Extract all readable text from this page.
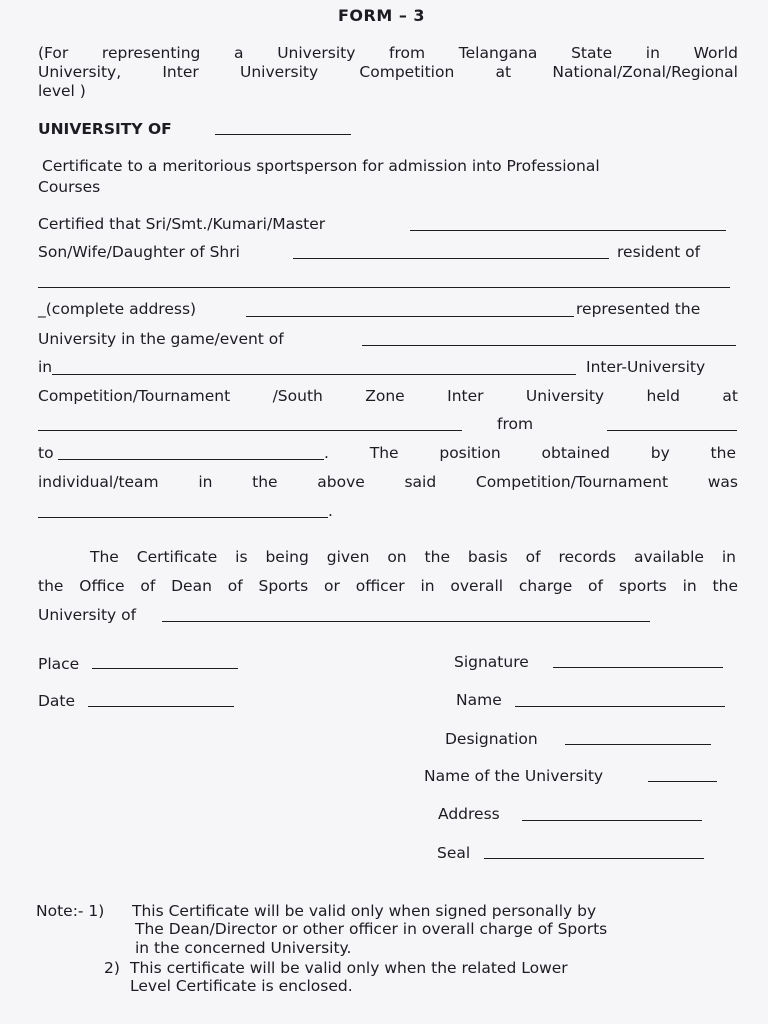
FORM – 3
(For representing a University from Telangana State in World
University, Inter University Competition at National/Zonal/Regional
level )
UNIVERSITY OF
Certificate to a meritorious sportsperson for admission into Professional
Courses
Certified that Sri/Smt./Kumari/Master
Son/Wife/Daughter of Shri	resident of
_(complete address)	represented the
University in the game/event of
in	Inter-University
Competition/Tournament /South Zone Inter University held at
from
to	. The position obtained by the
individual/team in the above said Competition/Tournament was
.
The Certificate is being given on the basis of records available in
the Office of Dean of Sports or officer in overall charge of sports in the
University of
Place
Date
Signature
Name
Designation
Name of the University
Address
Seal
Note:- 1) This Certificate will be valid only when signed personally by
The Dean/Director or other officer in overall charge of Sports
in the concerned University.
2) This certificate will be valid only when the related Lower
Level Certificate is enclosed.
